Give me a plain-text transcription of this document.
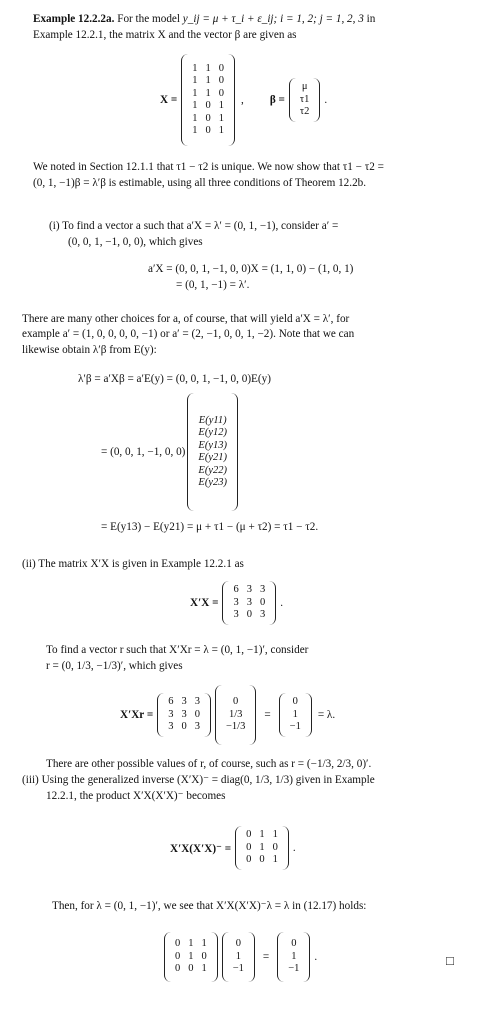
Example 12.2.2a. For the model y_ij = μ + τ_i + ε_ij; i = 1, 2; j = 1, 2, 3 in
Example 12.2.1, the matrix X and the vector β are given as
X =
1	1	0
1	1	0
1	1	0
1	0	1
1	0	1
1	0	1
, β =
μ
τ1
τ2
.
We noted in Section 12.1.1 that τ1 − τ2 is unique. We now show that τ1 − τ2 =
(0, 1, −1)β = λ′β is estimable, using all three conditions of Theorem 12.2b.
(i) To find a vector a such that a′X = λ′ = (0, 1, −1), consider a′ =
(0, 0, 1, −1, 0, 0), which gives
a′X = (0, 0, 1, −1, 0, 0)X = (1, 1, 0) − (1, 0, 1)
= (0, 1, −1) = λ′.
There are many other choices for a, of course, that will yield a′X = λ′, for
example a′ = (1, 0, 0, 0, 0, −1) or a′ = (2, −1, 0, 0, 1, −2). Note that we can
likewise obtain λ′β from E(y):
λ′β = a′Xβ = a′E(y) = (0, 0, 1, −1, 0, 0)E(y)
= (0, 0, 1, −1, 0, 0)
E(y11)
E(y12)
E(y13)
E(y21)
E(y22)
E(y23)
= E(y13) − E(y21) = μ + τ1 − (μ + τ2) = τ1 − τ2.
(ii) The matrix X′X is given in Example 12.2.1 as
X′X =
6	3	3
3	3	0
3	0	3
.
To find a vector r such that X′Xr = λ = (0, 1, −1)′, consider
r = (0, 1/3, −1/3)′, which gives
X′Xr =
6	3	3
3	3	0
3	0	3
0
1/3
−1/3
=
0
1
−1
= λ.
There are other possible values of r, of course, such as r = (−1/3, 2/3, 0)′.
(iii) Using the generalized inverse (X′X)⁻ = diag(0, 1/3, 1/3) given in Example
12.2.1, the product X′X(X′X)⁻ becomes
X′X(X′X)⁻ =
0	1	1
0	1	0
0	0	1
.
Then, for λ = (0, 1, −1)′, we see that X′X(X′X)⁻λ = λ in (12.17) holds:
0	1	1
0	1	0
0	0	1
0
1
−1
=
0
1
−1
.	□
